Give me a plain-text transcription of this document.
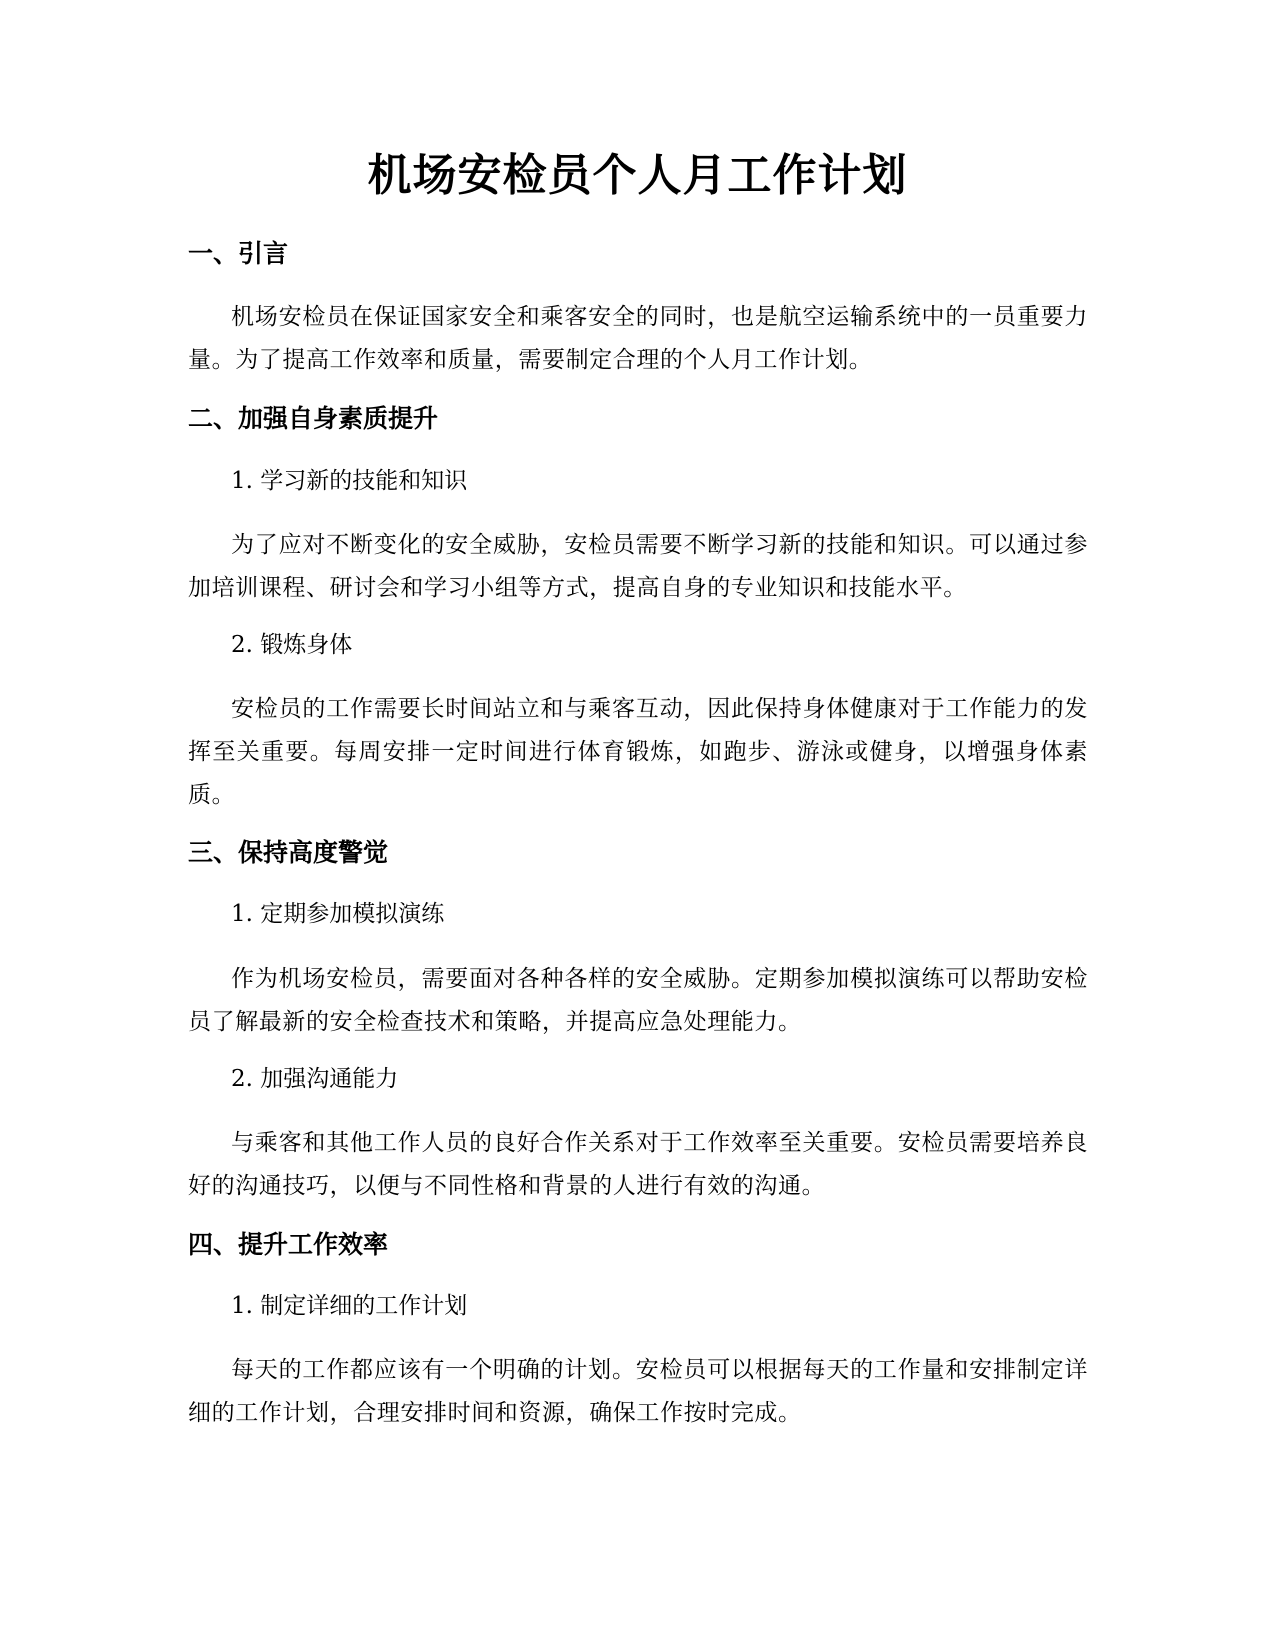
机场安检员个人月工作计划
一、引言

机场安检员在保证国家安全和乘客安全的同时，也是航空运输系统中的一员重要力量。为了提高工作效率和质量，需要制定合理的个人月工作计划。

二、加强自身素质提升
1. 学习新的技能和知识

为了应对不断变化的安全威胁，安检员需要不断学习新的技能和知识。可以通过参加培训课程、研讨会和学习小组等方式，提高自身的专业知识和技能水平。

2. 锻炼身体

安检员的工作需要长时间站立和与乘客互动，因此保持身体健康对于工作能力的发挥至关重要。每周安排一定时间进行体育锻炼，如跑步、游泳或健身，以增强身体素质。

三、保持高度警觉
1. 定期参加模拟演练

作为机场安检员，需要面对各种各样的安全威胁。定期参加模拟演练可以帮助安检员了解最新的安全检查技术和策略，并提高应急处理能力。

2. 加强沟通能力

与乘客和其他工作人员的良好合作关系对于工作效率至关重要。安检员需要培养良好的沟通技巧，以便与不同性格和背景的人进行有效的沟通。

四、提升工作效率
1. 制定详细的工作计划

每天的工作都应该有一个明确的计划。安检员可以根据每天的工作量和安排制定详细的工作计划，合理安排时间和资源，确保工作按时完成。
